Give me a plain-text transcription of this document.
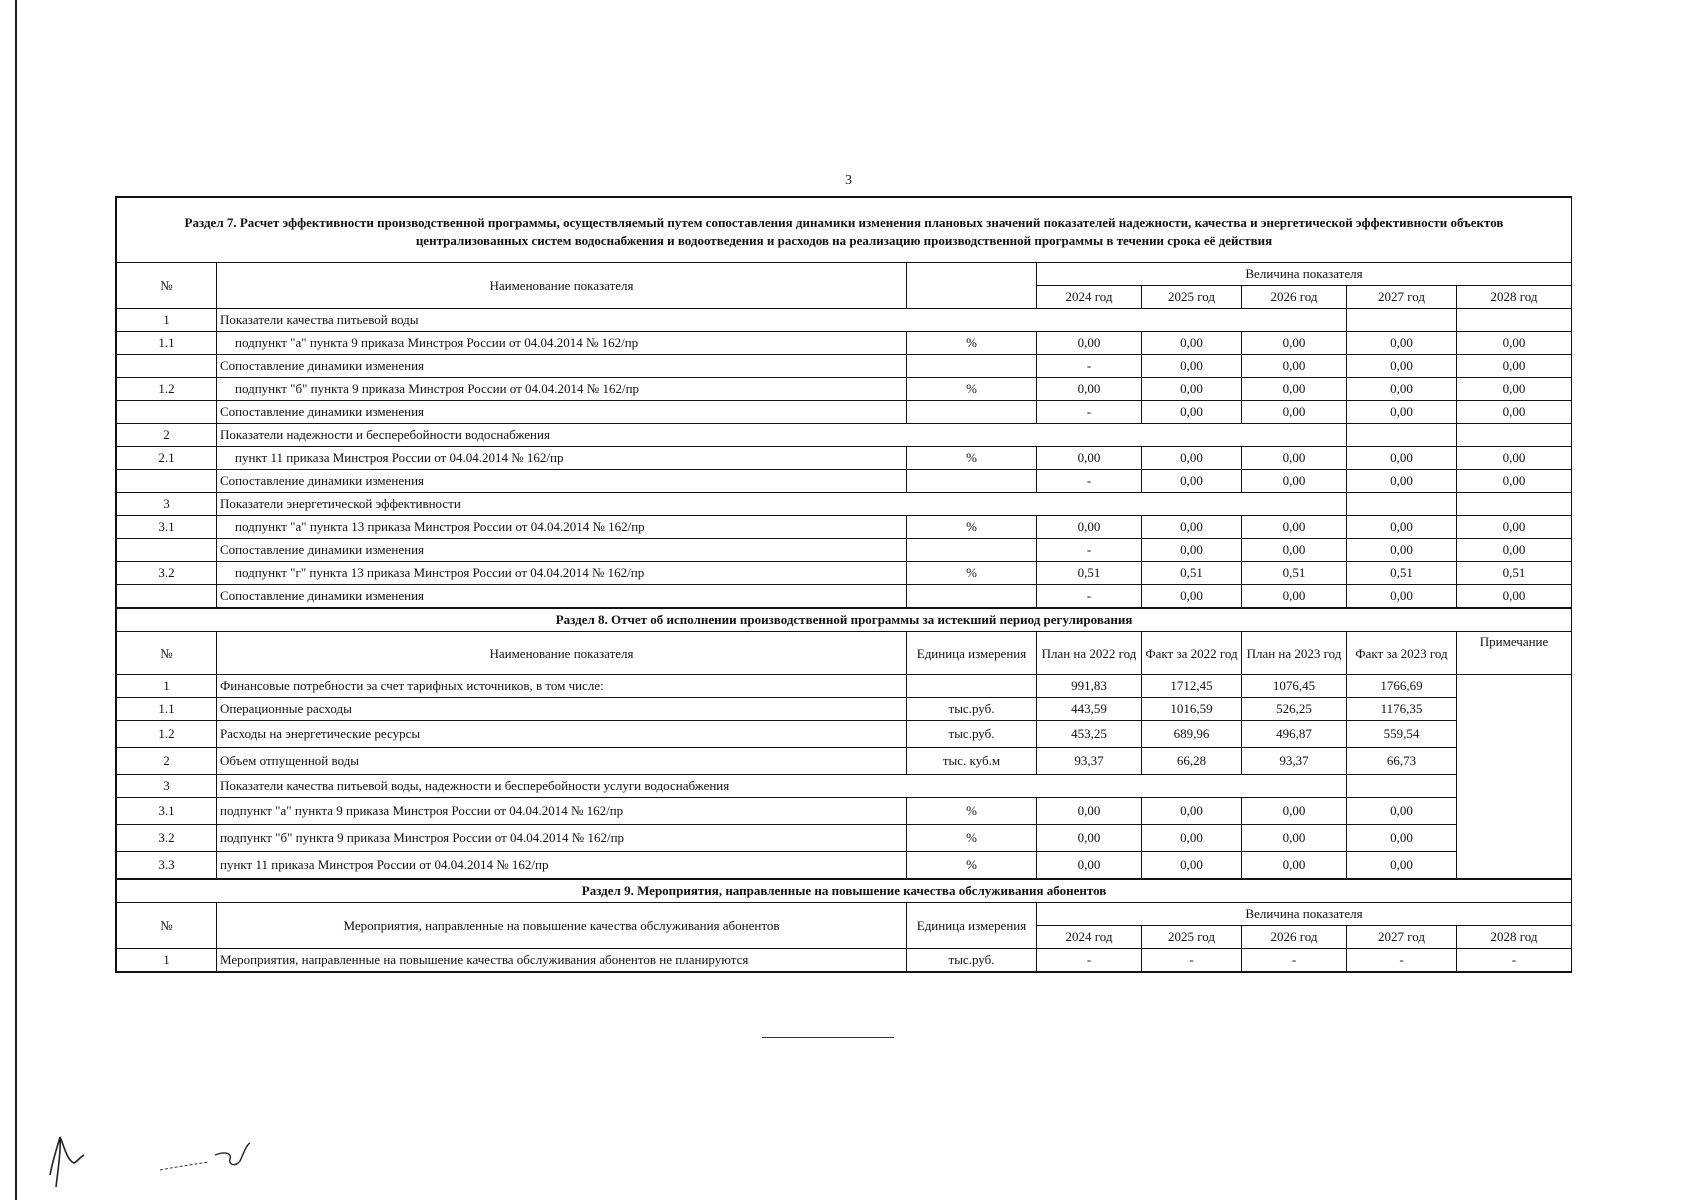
3
Раздел 7. Расчет эффективности производственной программы, осуществляемый путем сопоставления динамики изменения плановых значений показателей надежности, качества и энергетической эффективности объектов централизованных систем водоснабжения и водоотведения и расходов на реализацию производственной программы в течении срока её действия							
№	Наименование показателя		Величина показателя				
			2024 год	2025 год	2026 год	2027 год	2028 год
1	Показатели качества питьевой воды						
1.1	подпункт "а" пункта 9 приказа Минстроя России от 04.04.2014 № 162/пр	%	0,00	0,00	0,00	0,00	0,00
	Сопоставление динамики изменения		-	0,00	0,00	0,00	0,00
1.2	подпункт "б" пункта 9 приказа Минстроя России от 04.04.2014 № 162/пр	%	0,00	0,00	0,00	0,00	0,00
	Сопоставление динамики изменения		-	0,00	0,00	0,00	0,00
2	Показатели надежности и бесперебойности водоснабжения						
2.1	пункт 11 приказа Минстроя России от 04.04.2014 № 162/пр	%	0,00	0,00	0,00	0,00	0,00
	Сопоставление динамики изменения		-	0,00	0,00	0,00	0,00
3	Показатели энергетической эффективности						
3.1	подпункт "а" пункта 13 приказа Минстроя России от 04.04.2014 № 162/пр	%	0,00	0,00	0,00	0,00	0,00
	Сопоставление динамики изменения		-	0,00	0,00	0,00	0,00
3.2	подпункт "г" пункта 13 приказа Минстроя России от 04.04.2014 № 162/пр	%	0,51	0,51	0,51	0,51	0,51
	Сопоставление динамики изменения		-	0,00	0,00	0,00	0,00
Раздел 8. Отчет об исполнении производственной программы за истекший период регулирования							
№	Наименование показателя	Единица измерения	План на 2022 год	Факт за 2022 год	План на 2023 год	Факт за 2023 год	Примечание
1	Финансовые потребности за счет тарифных источников, в том числе:		991,83	1712,45	1076,45	1766,69	
1.1	Операционные расходы	тыс.руб.	443,59	1016,59	526,25	1176,35	
1.2	Расходы на энергетические ресурсы	тыс.руб.	453,25	689,96	496,87	559,54	
2	Объем отпущенной воды	тыс. куб.м	93,37	66,28	93,37	66,73	
3	Показатели качества питьевой воды, надежности и бесперебойности услуги водоснабжения						
3.1	подпункт "а" пункта 9 приказа Минстроя России от 04.04.2014 № 162/пр	%	0,00	0,00	0,00	0,00	
3.2	подпункт "б" пункта 9 приказа Минстроя России от 04.04.2014 № 162/пр	%	0,00	0,00	0,00	0,00	
3.3	пункт 11 приказа Минстроя России от 04.04.2014 № 162/пр	%	0,00	0,00	0,00	0,00	
Раздел 9. Мероприятия, направленные на повышение качества обслуживания абонентов							
№	Мероприятия, направленные на повышение качества обслуживания абонентов	Единица измерения	Величина показателя				
			2024 год	2025 год	2026 год	2027 год	2028 год
1	Мероприятия, направленные на повышение качества обслуживания абонентов не планируются	тыс.руб.	-	-	-	-	-
